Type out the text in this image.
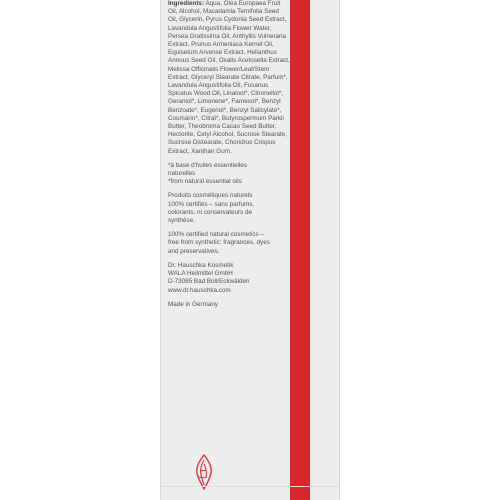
Ingredients: Aqua, Olea Europaea Fruit Oil, Alcohol, Macadamia Ternifolia Seed Oil, Glycerin, Pyrus Cydonia Seed Extract, Lavandula Angustifolia Flower Water, Persea Gratissima Oil, Anthyllis Vulneraria Extract, Prunus Armeniaca Kernel Oil, Equisetum Arvense Extract, Helianthus Annuus Seed Oil, Oxalis Acetosella Extract, Melissa Officinalis Flower/Leaf/Stem Extract, Glyceryl Stearate Citrate, Parfum*, Lavandula Angustifolia Oil, Fusanus Spicatus Wood Oil, Linalool*, Citronellol*, Geraniol*, Limonene*, Farnesol*, Benzyl Benzoate*, Eugenol*, Benzyl Salicylate*, Coumarin*, Citral*, Butyrospermum Parkii Butter, Theobroma Cacao Seed Butter, Hectorite, Cetyl Alcohol, Sucrose Stearate, Sucrose Distearate, Chondrus Crispus Extract, Xanthan Gum.

*à base d'huiles essentielles
naturelles
*from natural essential oils

Produits cosmétiques naturels
100% certifiés – sans parfums,
colorants, ni conservateurs de
synthèse.

100% certified natural cosmetics –
free from synthetic: fragrances, dyes
and preservatives.

Dr. Hauschka Kosmetik
WALA Heilmittel GmbH
D-73085 Bad Boll/Eckwälden
www.dr.hauschka.com

Made in Germany
